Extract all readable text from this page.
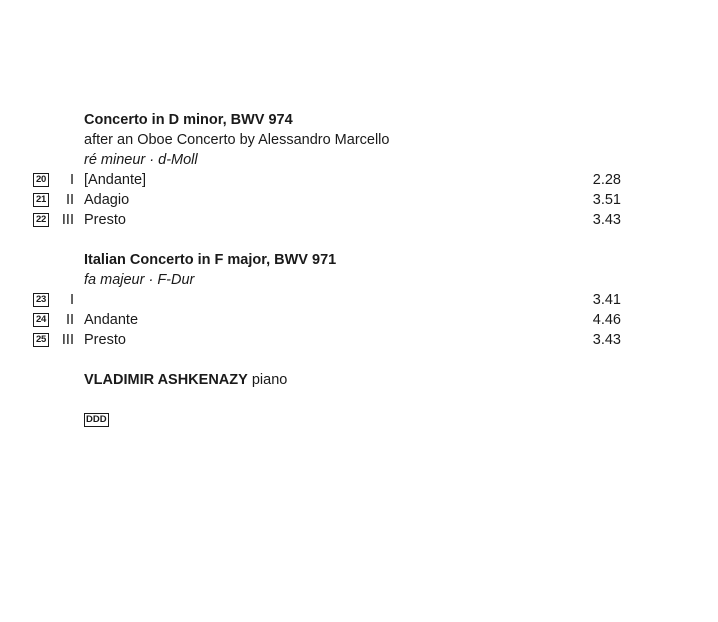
Concerto in D minor, BWV 974
after an Oboe Concerto by Alessandro Marcello
ré mineur · d-Moll
20	I [Andante]	2.28
21	II Adagio	3.51
22	III Presto	3.43
Italian Concerto in F major, BWV 971
fa majeur · F-Dur
23	I	3.41
24	II Andante	4.46
25	III Presto	3.43
VLADIMIR ASHKENAZY piano
DDD
